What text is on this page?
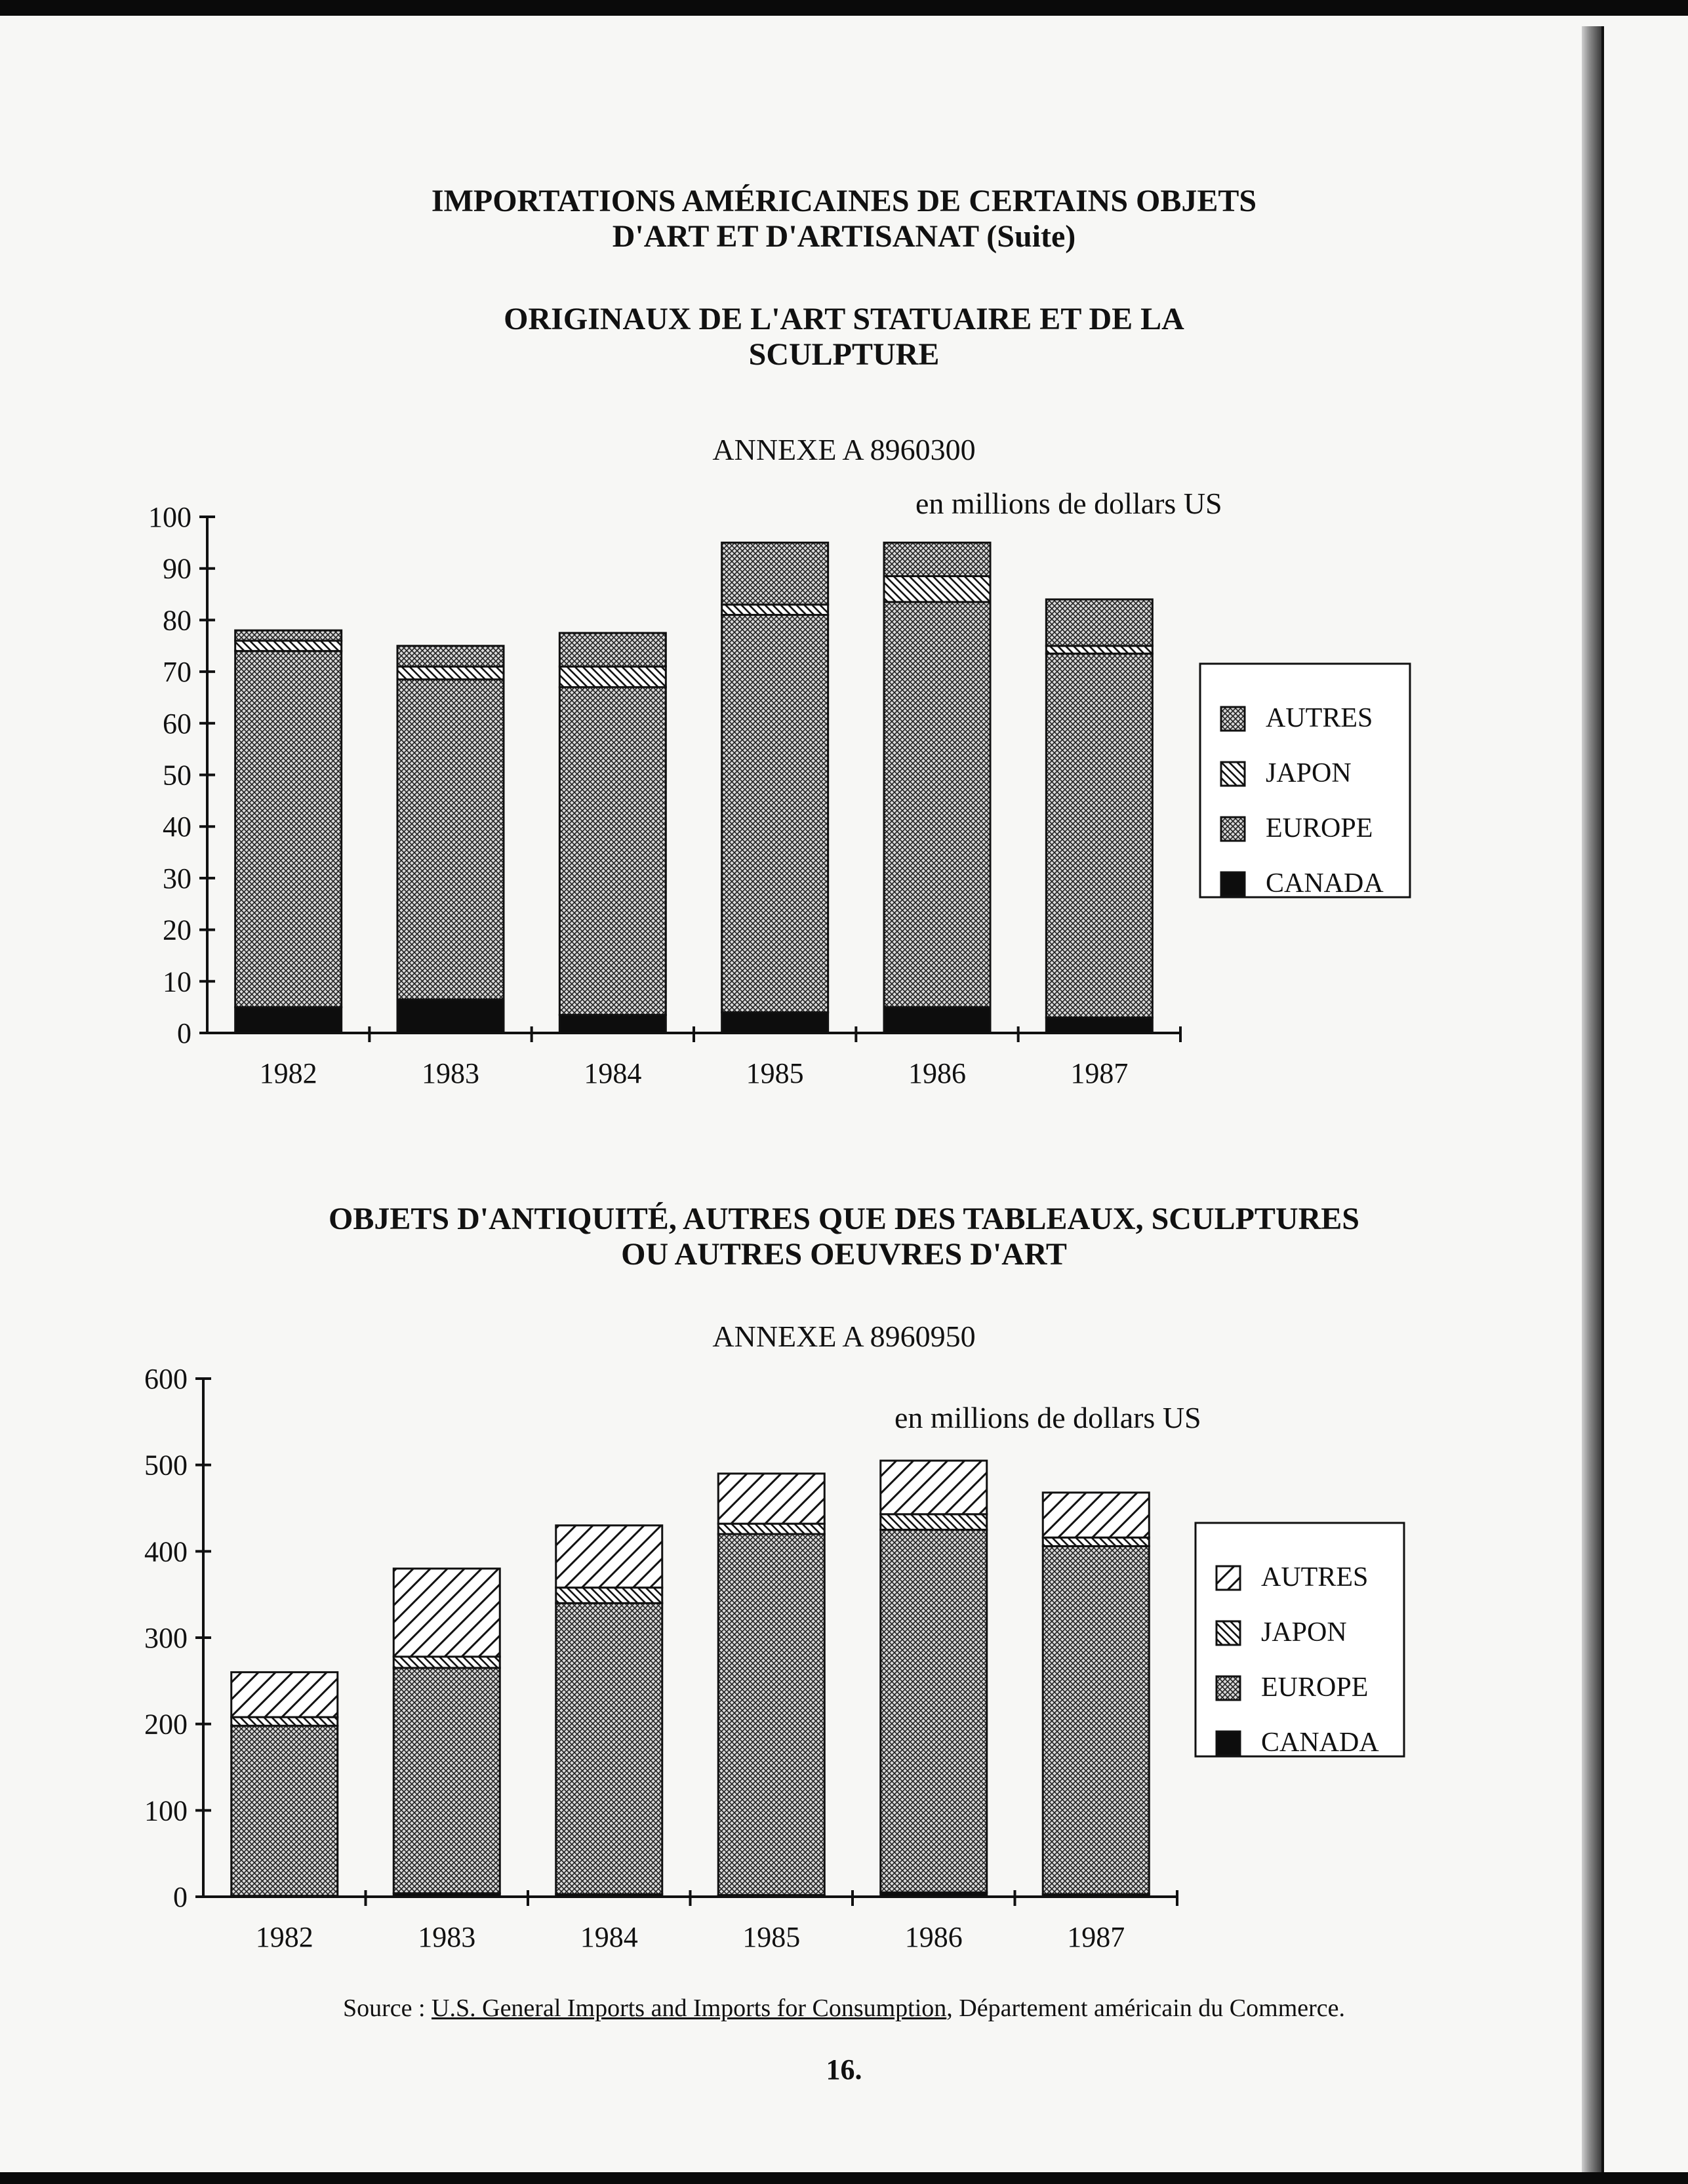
IMPORTATIONS AMÉRICAINES DE CERTAINS OBJETS
D'ART ET D'ARTISANAT (Suite)
ORIGINAUX DE L'ART STATUAIRE ET DE LA
SCULPTURE
ANNEXE A 8960300
en millions de dollars US
0
10
20
30
40
50
60
70
80
90
100
1982	1983	1984	1985	1986	1987
AUTRES
JAPON
EUROPE
CANADA
OBJETS D'ANTIQUITÉ, AUTRES QUE DES TABLEAUX, SCULPTURES
OU AUTRES OEUVRES D'ART
ANNEXE A 8960950
en millions de dollars US
0
100
200
300
400
500
600
1982	1983	1984	1985	1986	1987
AUTRES
JAPON
EUROPE
CANADA
Source : U.S. General Imports and Imports for Consumption, Département américain du Commerce.
16.
